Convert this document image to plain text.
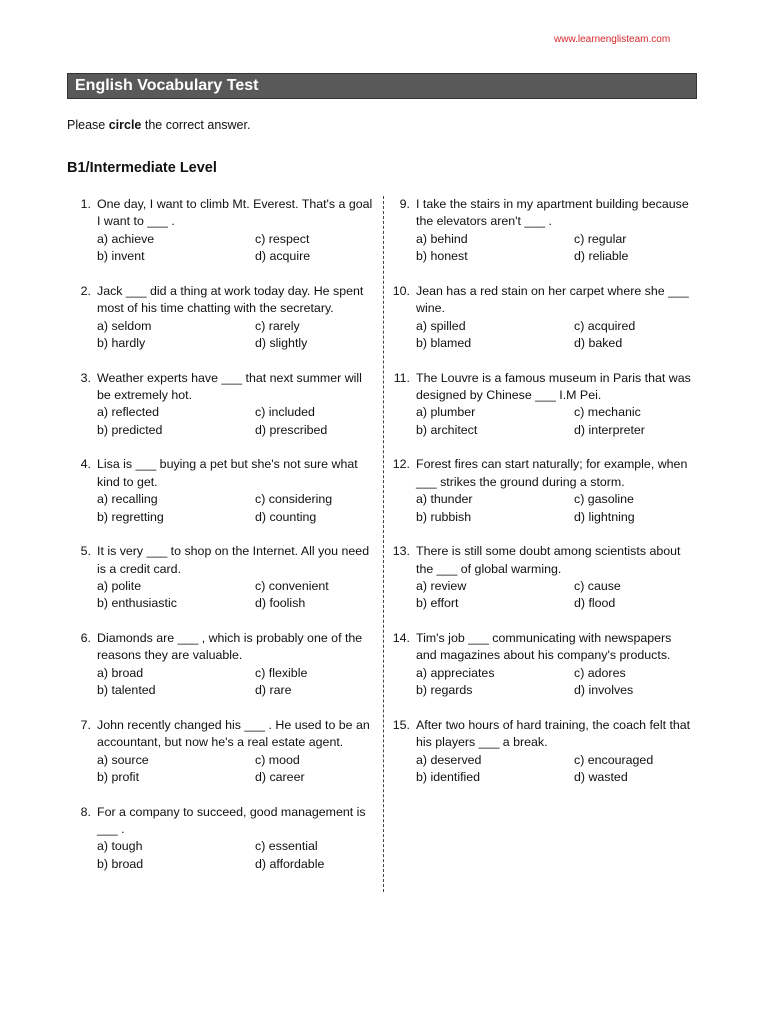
www.learnenglisteam.com
English Vocabulary Test
Please circle the correct answer.
B1/Intermediate Level
1. One day, I want to climb Mt. Everest. That's a goal I want to ___ .
a) achieve	c) respect
b) invent	d) acquire
2. Jack ___ did a thing at work today day. He spent most of his time chatting with the secretary.
a) seldom	c) rarely
b) hardly	d) slightly
3. Weather experts have ___ that next summer will be extremely hot.
a) reflected	c) included
b) predicted	d) prescribed
4. Lisa is ___ buying a pet but she's not sure what kind to get.
a) recalling	c) considering
b) regretting	d) counting
5. It is very ___ to shop on the Internet. All you need is a credit card.
a) polite	c) convenient
b) enthusiastic	d) foolish
6. Diamonds are ___ , which is probably one of the reasons they are valuable.
a) broad	c) flexible
b) talented	d) rare
7. John recently changed his ___ . He used to be an accountant, but now he's a real estate agent.
a) source	c) mood
b) profit	d) career
8. For a company to succeed, good management is ___ .
a) tough	c) essential
b) broad	d) affordable
9. I take the stairs in my apartment building because the elevators aren't ___ .
a) behind	c) regular
b) honest	d) reliable
10. Jean has a red stain on her carpet where she ___ wine.
a) spilled	c) acquired
b) blamed	d) baked
11. The Louvre is a famous museum in Paris that was designed by Chinese ___ I.M Pei.
a) plumber	c) mechanic
b) architect	d) interpreter
12. Forest fires can start naturally; for example, when ___ strikes the ground during a storm.
a) thunder	c) gasoline
b) rubbish	d) lightning
13. There is still some doubt among scientists about the ___ of global warming.
a) review	c) cause
b) effort	d) flood
14. Tim's job ___ communicating with newspapers and magazines about his company's products.
a) appreciates	c) adores
b) regards	d) involves
15. After two hours of hard training, the coach felt that his players ___ a break.
a) deserved	c) encouraged
b) identified	d) wasted
